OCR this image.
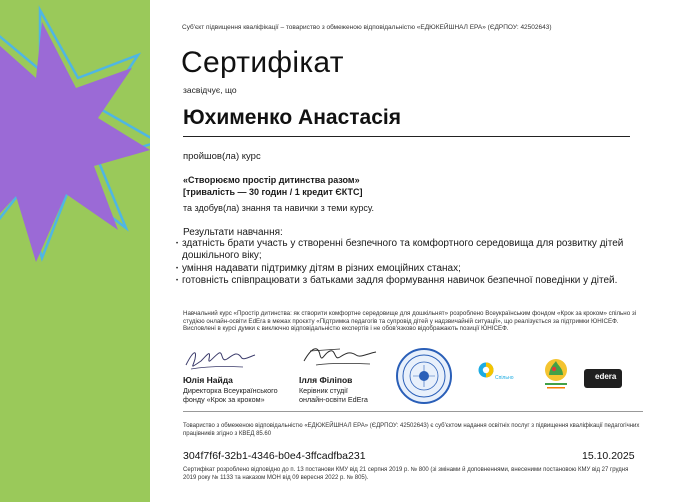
Суб'єкт підвищення кваліфікації – товариство з обмеженою відповідальністю «ЕДЮКЕЙШНАЛ ЕРА» (ЄДРПОУ: 42502643)
Сертифікат
засвідчує, що
Юхименко Анастасія
пройшов(ла) курс
«Створюємо простір дитинства разом»
[тривалість — 30 годин / 1 кредит ЄКТС]
та здобув(ла) знання та навички з теми курсу.
Результати навчання:
• здатність брати участь у створенні безпечного та комфортного середовища для розвитку дітей дошкільного віку;
• уміння надавати підтримку дітям в різних емоційних станах;
• готовність співпрацювати з батьками задля формування навичок безпечної поведінки у дітей.
Навчальний курс «Простір дитинства: як створити комфортне середовище для дошкільнят» розроблено Всеукраїнським фондом «Крок за кроком» спільно зі студією онлайн-освіти EdEra в межах проєкту «Підтримка педагогів та супровід дітей у надзвичайній ситуації», що реалізується за підтримки ЮНІСЕФ. Висловлені в курсі думки є виключно відповідальністю експертів і не обов'язково відображають позиції ЮНІСЕФ.
Юлія Найда
Директорка Всеукраїнського фонду «Крок за кроком»
Ілля Філіпов
Керівник студії онлайн-освіти EdEra
Спільно	edera
Товариство з обмеженою відповідальністю «ЕДЮКЕЙШНАЛ ЕРА» (ЄДРПОУ: 42502643) є суб'єктом надання освітніх послуг з підвищення кваліфікації педагогічних працівників згідно з КВЕД 85.60
304f7f6f-32b1-4346-b0e4-3ffcadfba231	15.10.2025
Сертифікат розроблено відповідно до п. 13 постанови КМУ від 21 серпня 2019 р. № 800 (зі змінами й доповненнями, внесеними постановою КМУ від 27 грудня 2019 року № 1133 та наказом МОН від 09 вересня 2022 р. № 805).
